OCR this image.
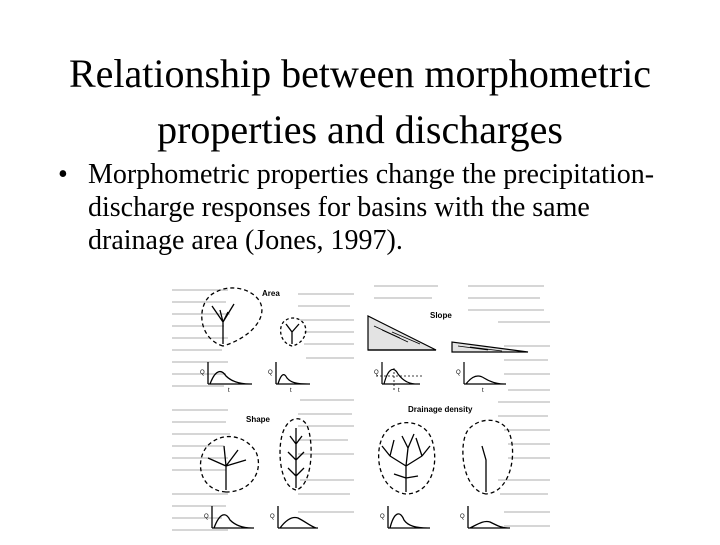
Relationship between morphometric properties and discharges
• Morphometric properties change the precipitation-discharge responses for basins with the same drainage area (Jones, 1997).
Area
Slope
Shape
Drainage density
Q
t
Q
t
Q
t
Q
t
Q	Q	Q	Q
